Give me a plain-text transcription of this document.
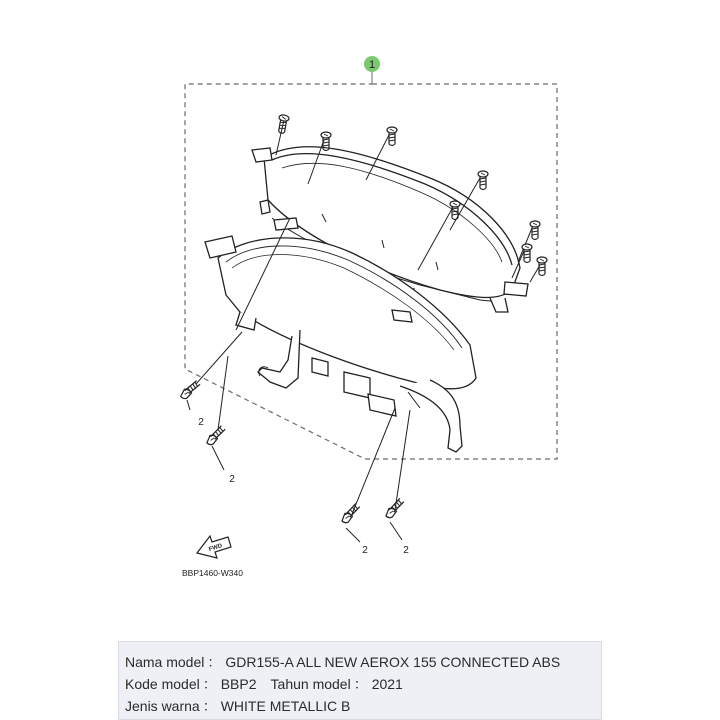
1
2
2
2	2
FWD
BBP1460-W340
Nama model ： GDR155-A ALL NEW AEROX 155 CONNECTED ABS
Kode model ： BBP2 Tahun model ： 2021
Jenis warna ： WHITE METALLIC B
